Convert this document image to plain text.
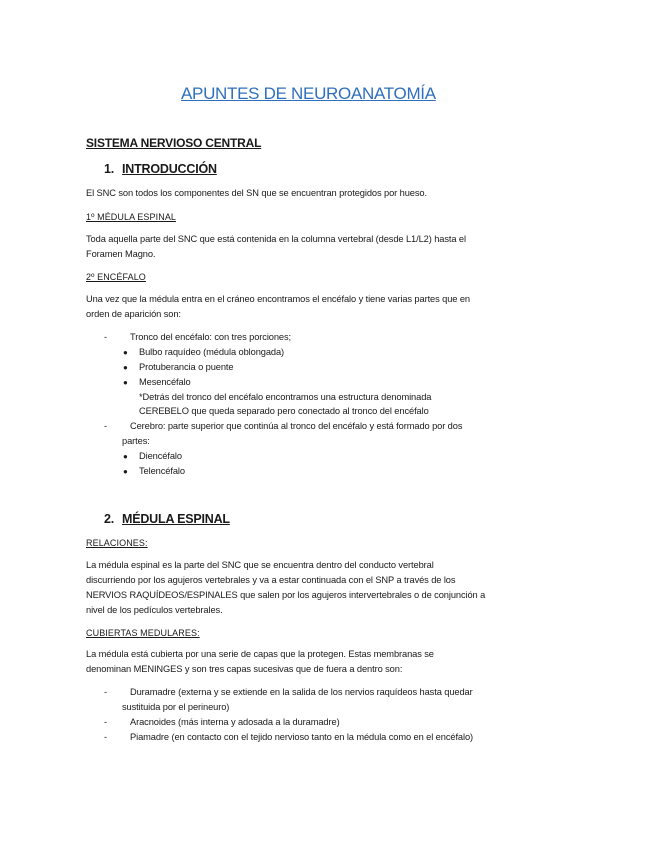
APUNTES DE NEUROANATOMÍA
SISTEMA NERVIOSO CENTRAL
1. INTRODUCCIÓN
El SNC son todos los componentes del SN que se encuentran protegidos por hueso.
1º MÉDULA ESPINAL
Toda aquella parte del SNC que está contenida en la columna vertebral (desde L1/L2) hasta el
Foramen Magno.
2º ENCÉFALO
Una vez que la médula entra en el cráneo encontramos el encéfalo y tiene varias partes que en
orden de aparición son:
- Tronco del encéfalo: con tres porciones;
● Bulbo raquídeo (médula oblongada)
● Protuberancia o puente
● Mesencéfalo
*Detrás del tronco del encéfalo encontramos una estructura denominada
CEREBELO que queda separado pero conectado al tronco del encéfalo
- Cerebro: parte superior que continúa al tronco del encéfalo y está formado por dos
partes:
● Diencéfalo
● Telencéfalo
2. MÉDULA ESPINAL
RELACIONES:
La médula espinal es la parte del SNC que se encuentra dentro del conducto vertebral
discurriendo por los agujeros vertebrales y va a estar continuada con el SNP a través de los
NERVIOS RAQUÍDEOS/ESPINALES que salen por los agujeros intervertebrales o de conjunción a
nivel de los pedículos vertebrales.
CUBIERTAS MEDULARES:
La médula está cubierta por una serie de capas que la protegen. Estas membranas se
denominan MENINGES y son tres capas sucesivas que de fuera a dentro son:
- Duramadre (externa y se extiende en la salida de los nervios raquídeos hasta quedar
sustituida por el perineuro)
- Aracnoides (más interna y adosada a la duramadre)
- Piamadre (en contacto con el tejido nervioso tanto en la médula como en el encéfalo)
